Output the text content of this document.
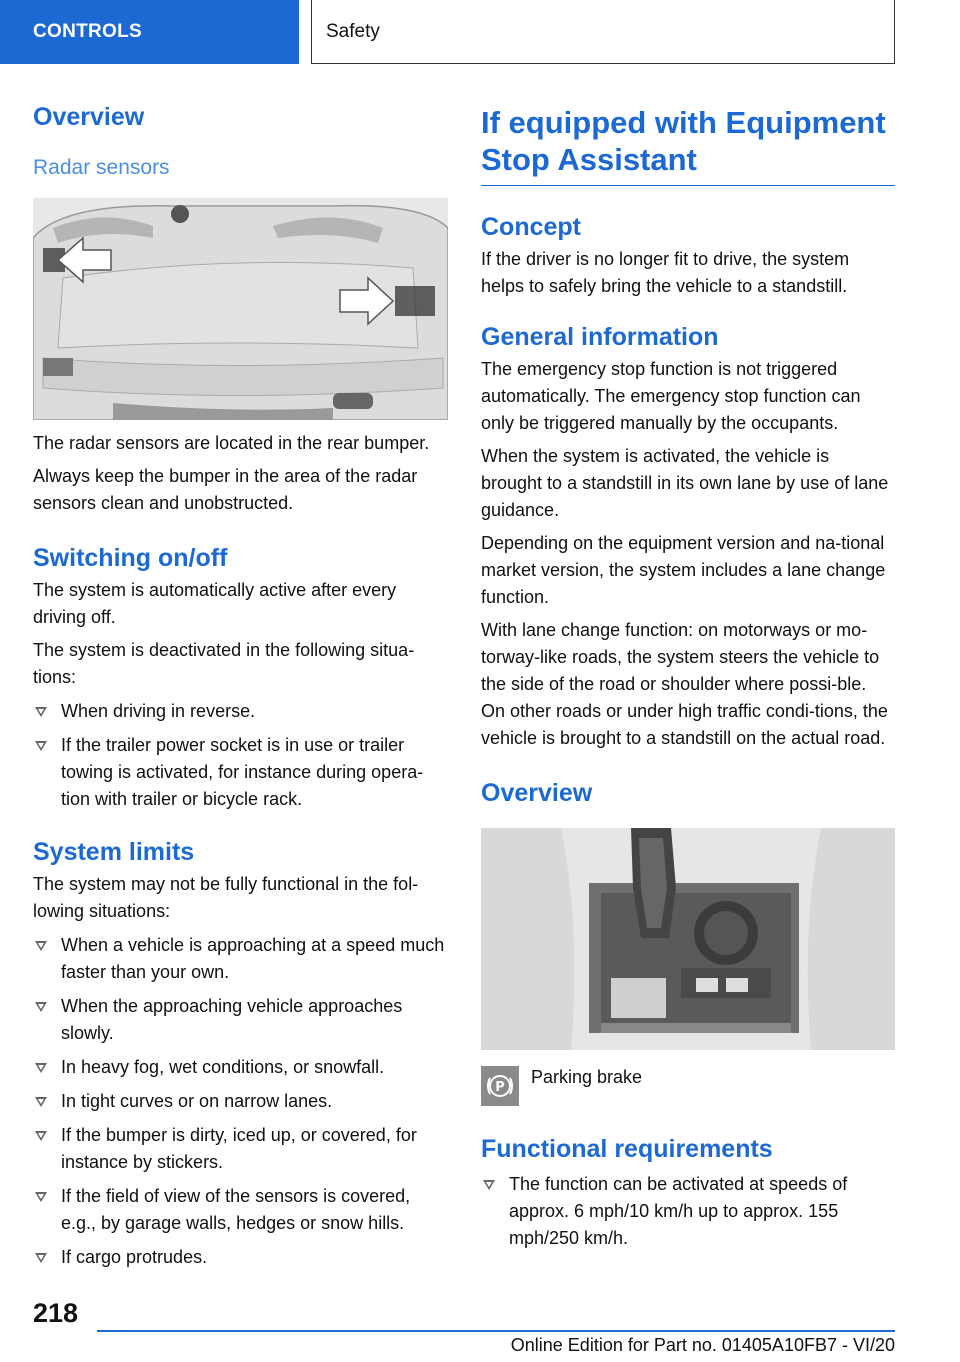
CONTROLS	Safety
Overview
Radar sensors

The radar sensors are located in the rear bumper.

Always keep the bumper in the area of the radar sensors clean and unobstructed.

Switching on/off

The system is automatically active after every driving off.

The system is deactivated in the following situa-tions:

When driving in reverse.
If the trailer power socket is in use or trailer towing is activated, for instance during opera-tion with trailer or bicycle rack.
System limits

The system may not be fully functional in the fol-lowing situations:

When a vehicle is approaching at a speed much faster than your own.
When the approaching vehicle approaches slowly.
In heavy fog, wet conditions, or snowfall.
In tight curves or on narrow lanes.
If the bumper is dirty, iced up, or covered, for instance by stickers.
If the field of view of the sensors is covered, e.g., by garage walls, hedges or snow hills.
If cargo protrudes.
If equipped with Equipment Stop Assistant
Concept

If the driver is no longer fit to drive, the system helps to safely bring the vehicle to a standstill.

General information

The emergency stop function is not triggered automatically. The emergency stop function can only be triggered manually by the occupants.

When the system is activated, the vehicle is brought to a standstill in its own lane by use of lane guidance.

Depending on the equipment version and na-tional market version, the system includes a lane change function.

With lane change function: on motorways or mo-torway-like roads, the system steers the vehicle to the side of the road or shoulder where possi-ble. On other roads or under high traffic condi-tions, the vehicle is brought to a standstill on the actual road.

Overview
P

Parking brake

Functional requirements
The function can be activated at speeds of approx. 6 mph/10 km/h up to approx. 155 mph/250 km/h.
218
Online Edition for Part no. 01405A10FB7 - VI/20
